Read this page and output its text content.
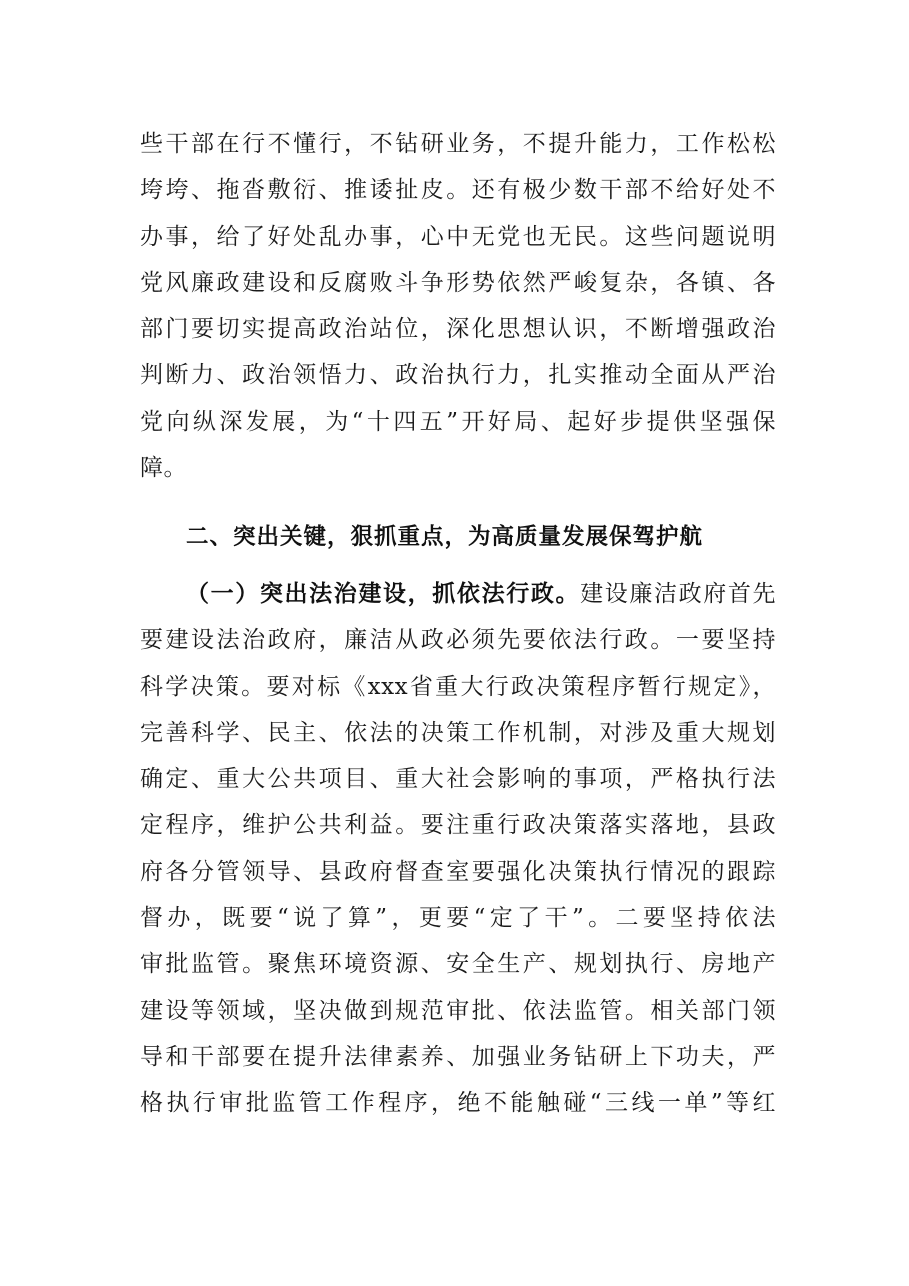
些干部在行不懂行，不钻研业务，不提升能力，工作松松
垮垮、拖沓敷衍、推诿扯皮。还有极少数干部不给好处不
办事，给了好处乱办事，心中无党也无民。这些问题说明
党风廉政建设和反腐败斗争形势依然严峻复杂，各镇、各
部门要切实提高政治站位，深化思想认识，不断增强政治
判断力、政治领悟力、政治执行力，扎实推动全面从严治
党向纵深发展，为“十四五”开好局、起好步提供坚强保
障。
二、突出关键，狠抓重点，为高质量发展保驾护航
（一）突出法治建设，抓依法行政。建设廉洁政府首先
要建设法治政府，廉洁从政必须先要依法行政。一要坚持
科学决策。要对标《xxx省重大行政决策程序暂行规定》，
完善科学、民主、依法的决策工作机制，对涉及重大规划
确定、重大公共项目、重大社会影响的事项，严格执行法
定程序，维护公共利益。要注重行政决策落实落地，县政
府各分管领导、县政府督查室要强化决策执行情况的跟踪
督办，既要“说了算”，更要“定了干”。二要坚持依法
审批监管。聚焦环境资源、安全生产、规划执行、房地产
建设等领域，坚决做到规范审批、依法监管。相关部门领
导和干部要在提升法律素养、加强业务钻研上下功夫，严
格执行审批监管工作程序，绝不能触碰“三线一单”等红
